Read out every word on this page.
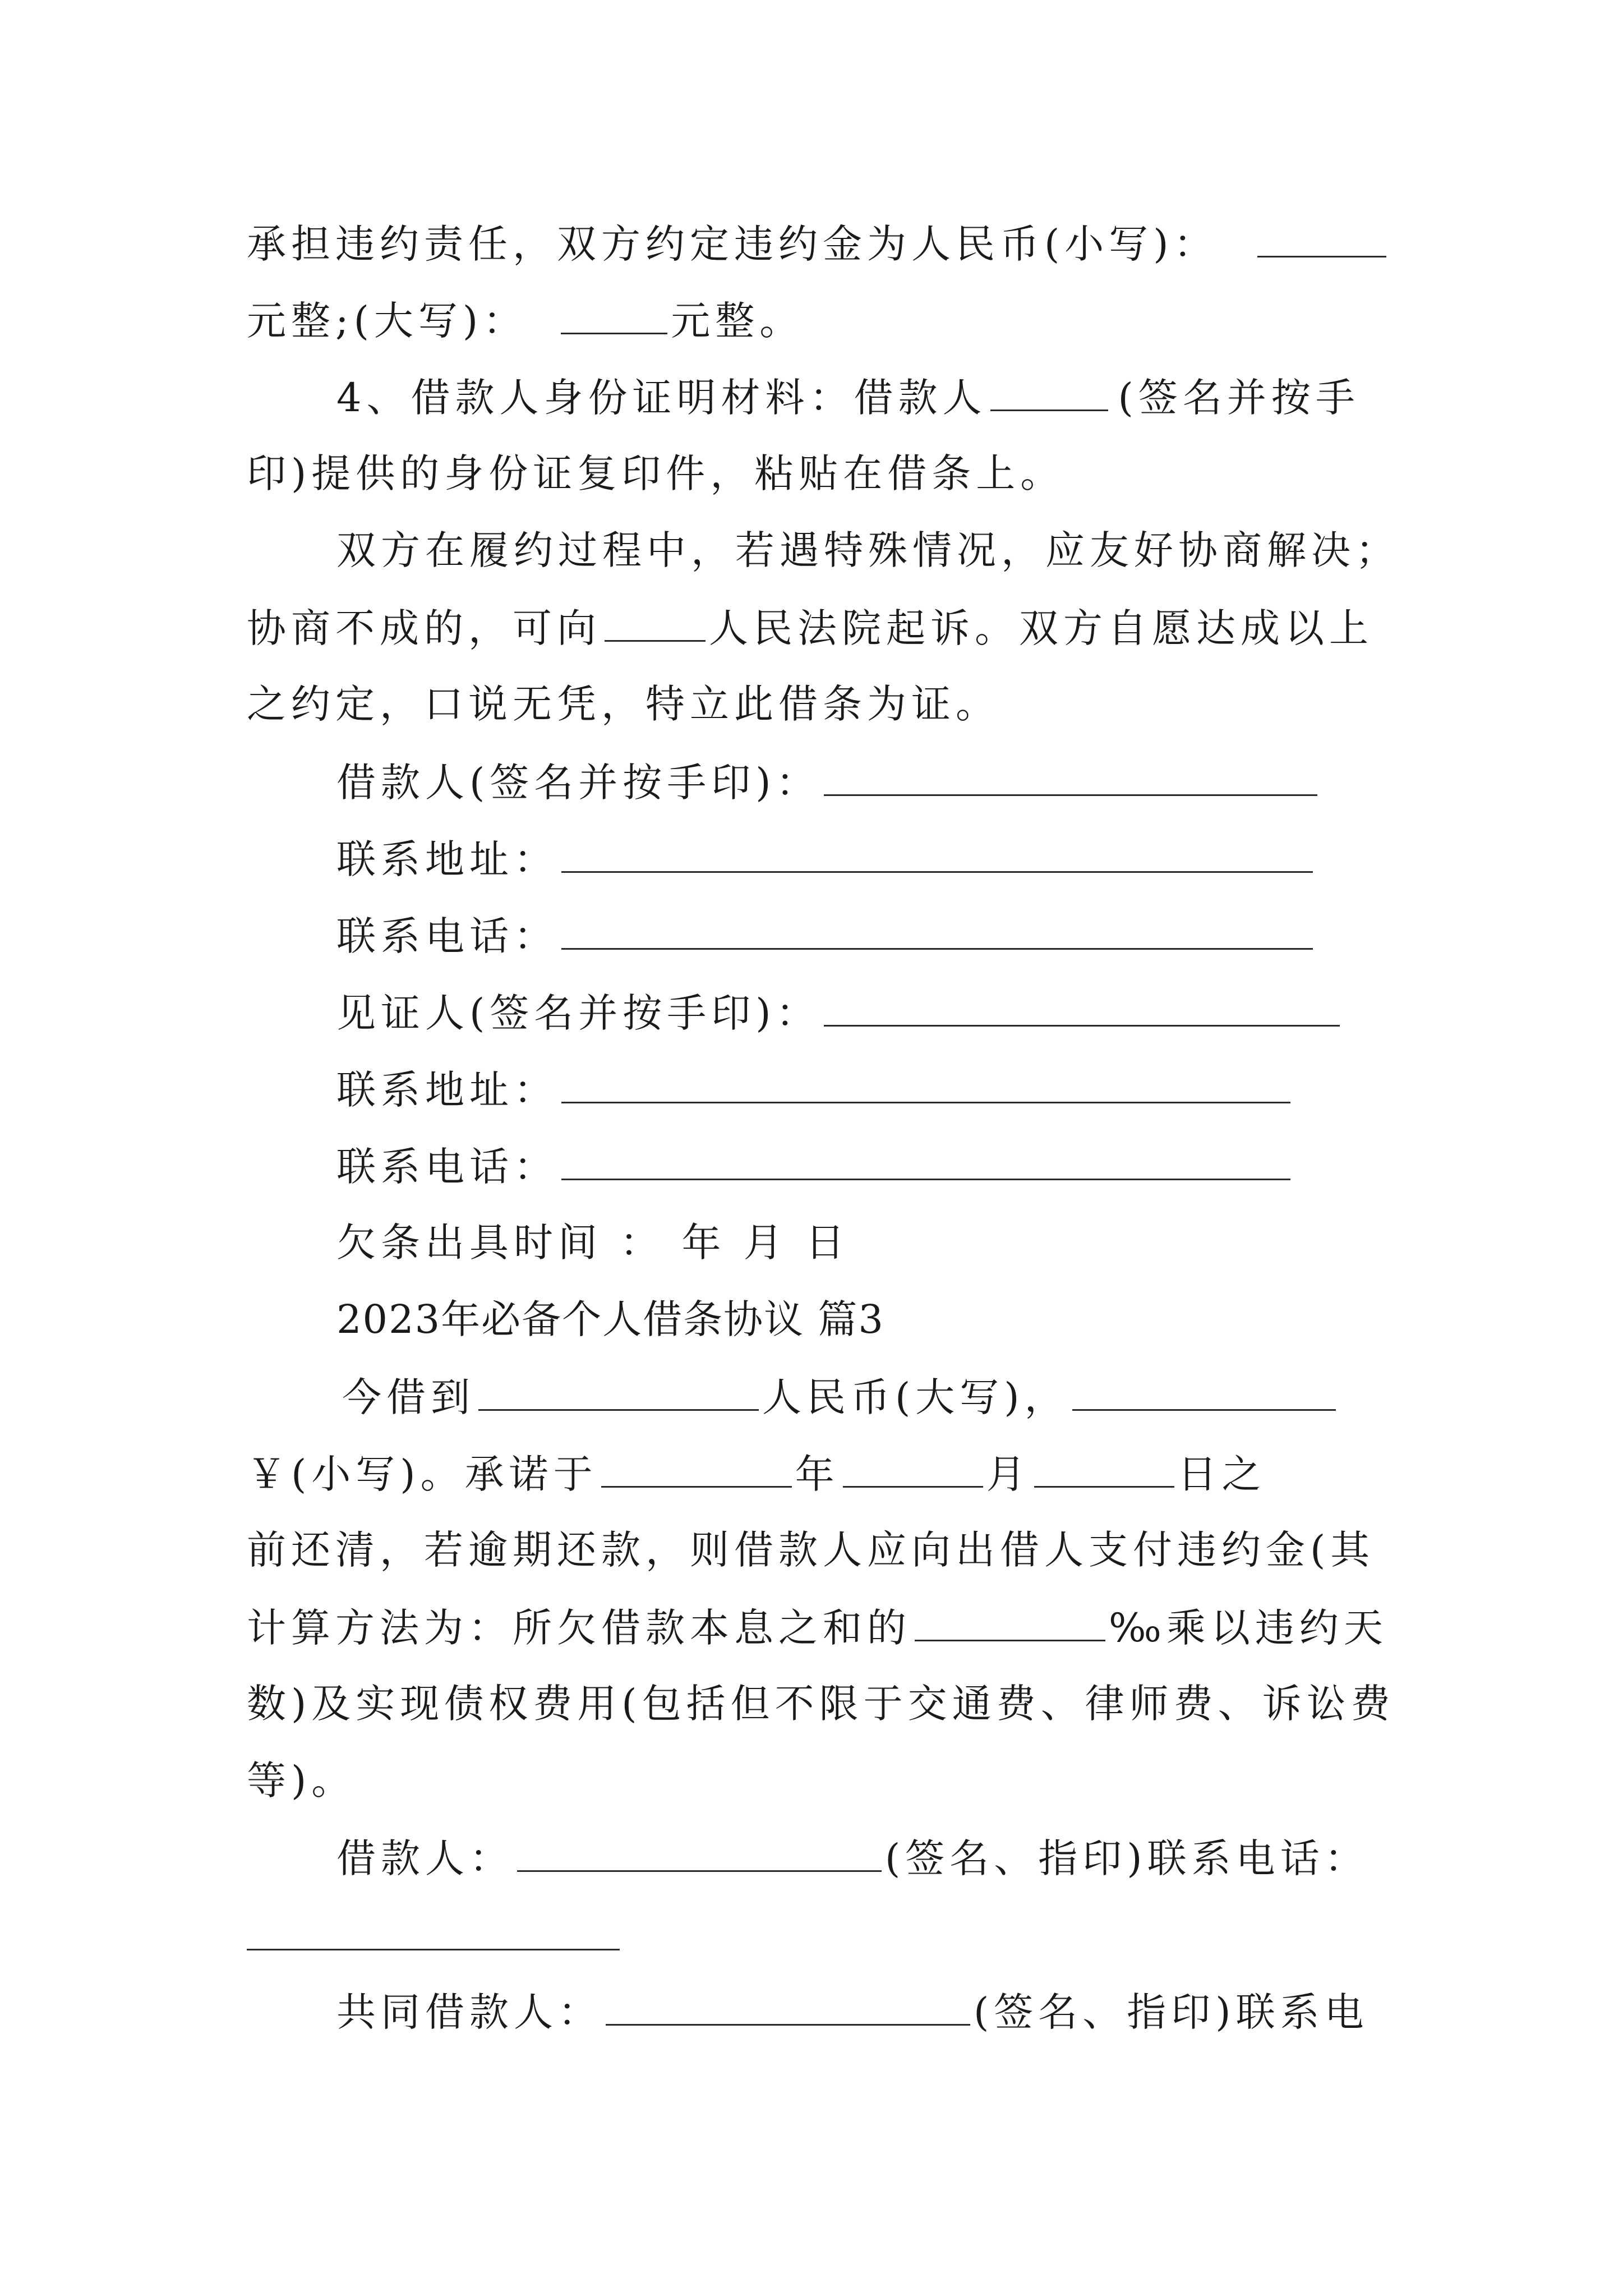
承担违约责任，双方约定违约金为人民币(小写)：
元整;(大写)：	元整。
4、借款人身份证明材料：借款人	(签名并按手
印)提供的身份证复印件，粘贴在借条上。
双方在履约过程中，若遇特殊情况，应友好协商解决；
协商不成的，可向	人民法院起诉。双方自愿达成以上
之约定，口说无凭，特立此借条为证。
借款人(签名并按手印)：
联系地址：
联系电话：
见证人(签名并按手印)：
联系地址：
联系电话：
欠条出具时间 ： 年 月 日
2023年必备个人借条协议 篇3
今借到	人民币(大写)，
￥(小写)。承诺于	年	月	日之
前还清，若逾期还款，则借款人应向出借人支付违约金(其
计算方法为：所欠借款本息之和的	‰乘以违约天
数)及实现债权费用(包括但不限于交通费、律师费、诉讼费
等)。
借款人：	(签名、指印)联系电话：
共同借款人：	(签名、指印)联系电
